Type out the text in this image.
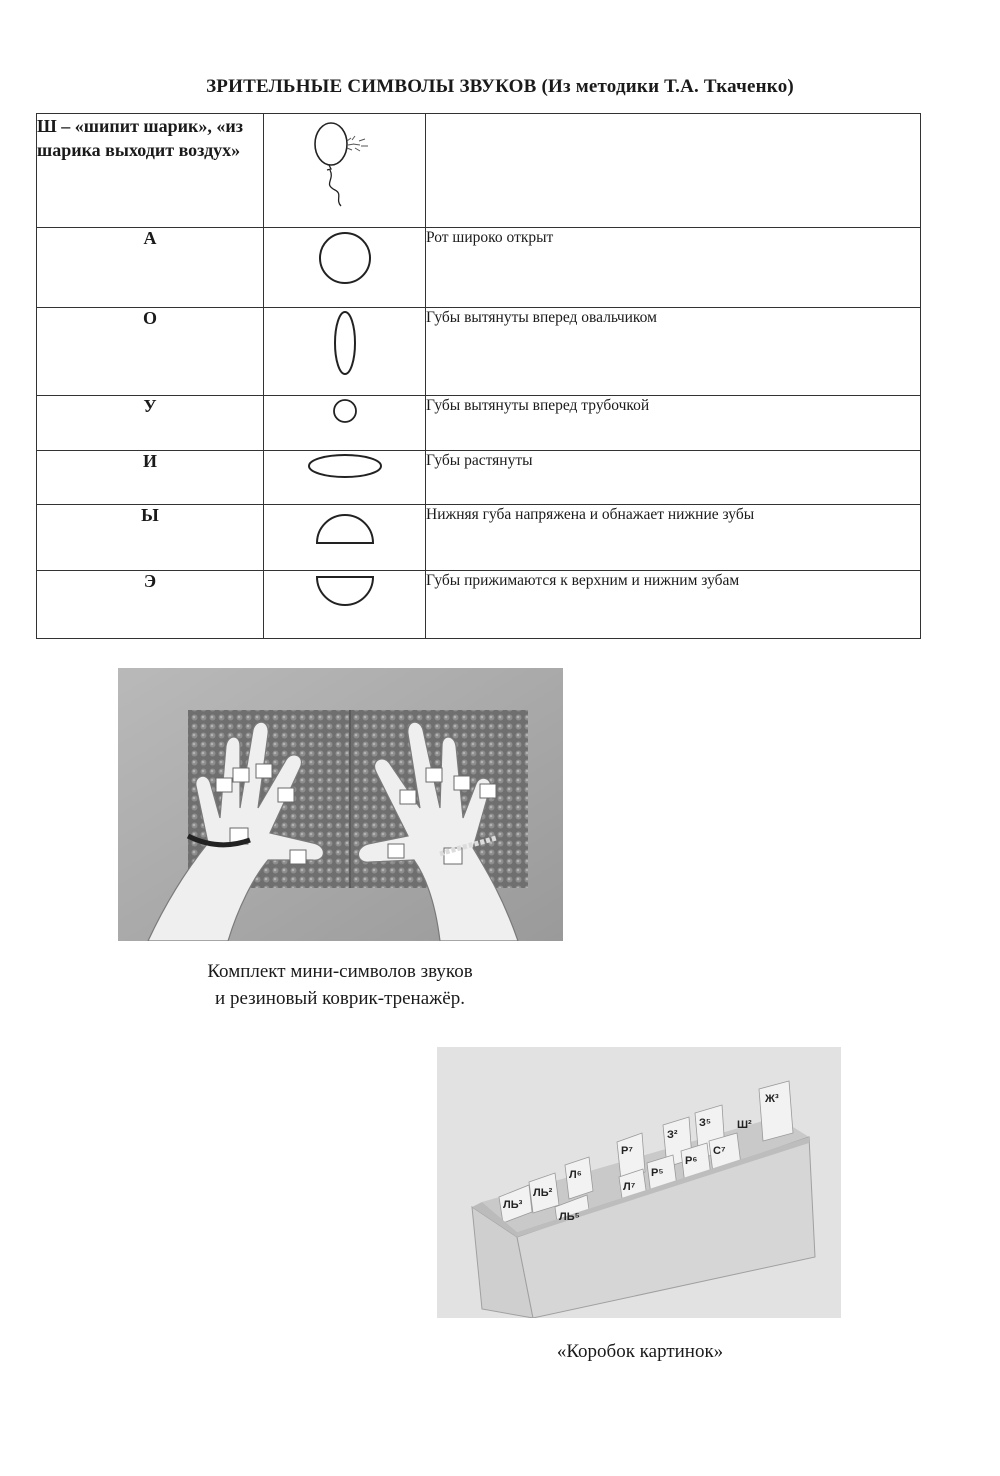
ЗРИТЕЛЬНЫЕ СИМВОЛЫ ЗВУКОВ (Из методики Т.А. Ткаченко)
Ш – «шипит шарик», «из шарика выходит воздух»	

А		Рот широко открыт
О		Губы вытянуты вперед овальчиком
У		Губы вытянуты вперед трубочкой
И		Губы растянуты
Ы		Нижняя губа напряжена и обнажает нижние зубы
Э		Губы прижимаются к верхним и нижним зубам
Комплект мини-символов звуков
и резиновый коврик-тренажёр.
ЛЬ³
ЛЬ²
Л⁶
Р⁷
З²
З⁵
Ж³
ЛЬ⁵
Л⁷
Р⁵
Р⁶
С⁷
Ш²
«Коробок картинок»
